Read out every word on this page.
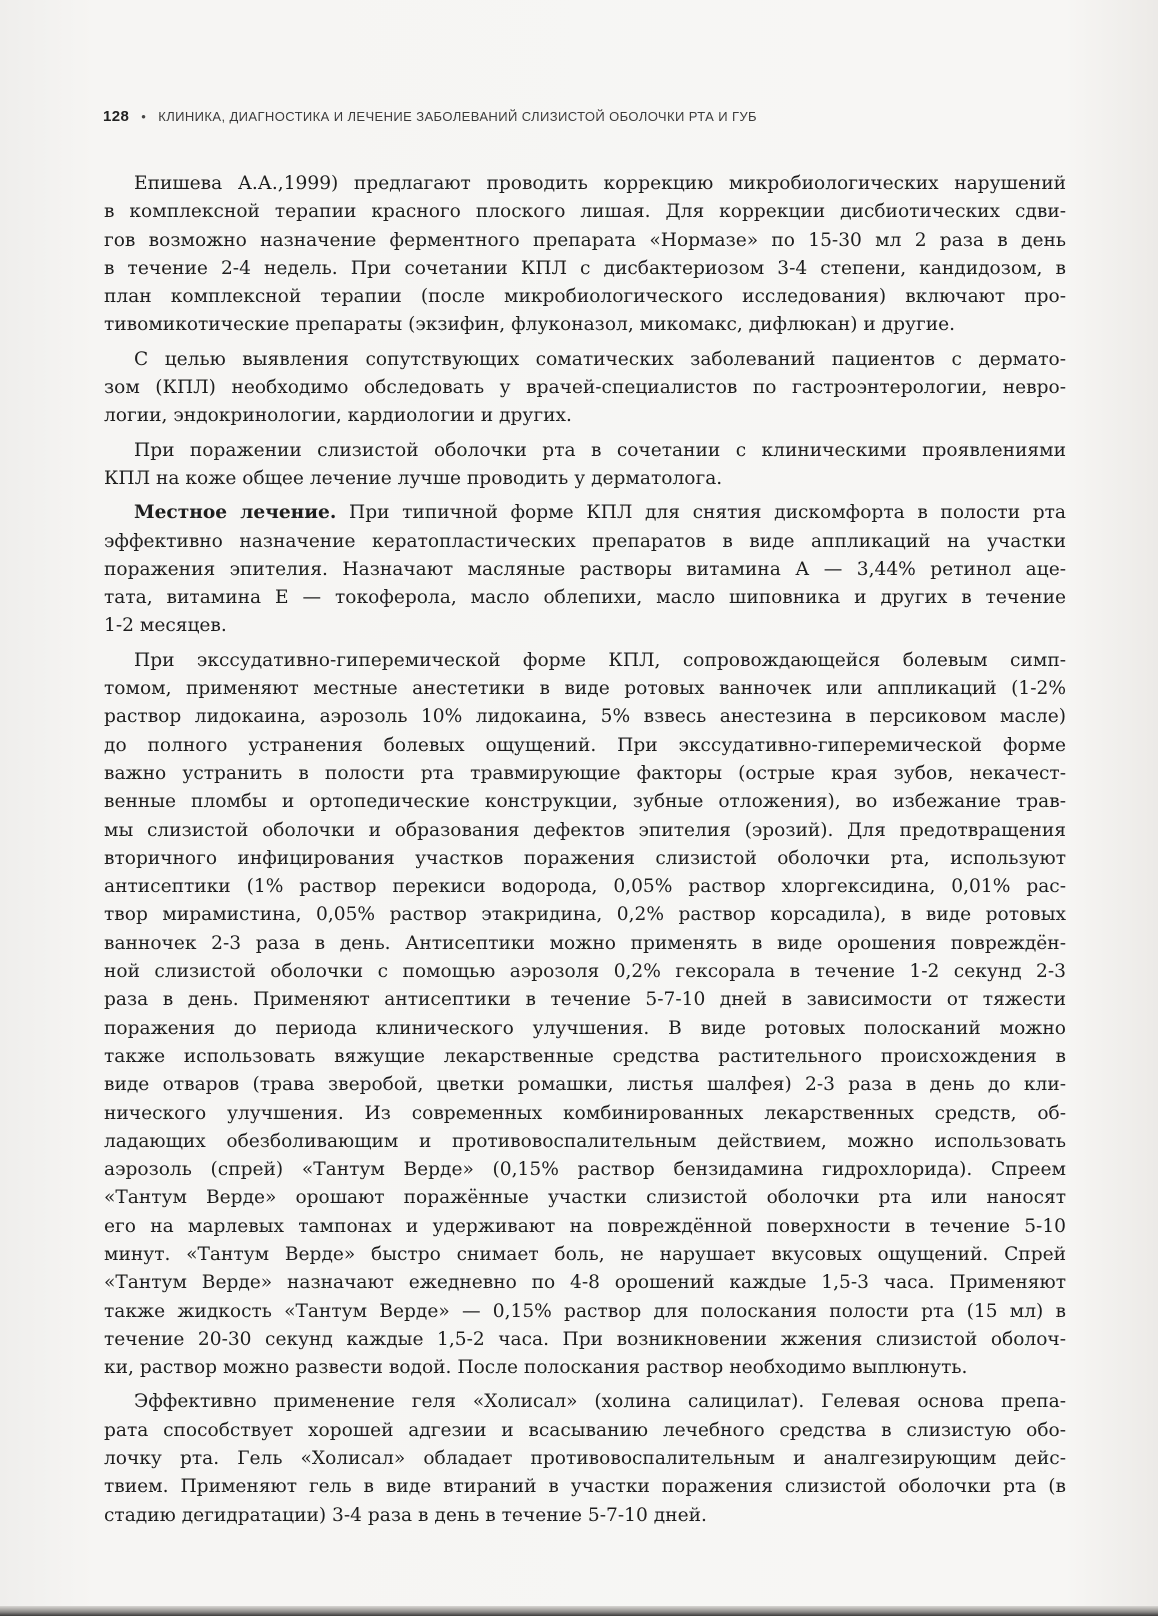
128 • КЛИНИКА, ДИАГНОСТИКА И ЛЕЧЕНИЕ ЗАБОЛЕВАНИЙ СЛИЗИСТОЙ ОБОЛОЧКИ РТА И ГУБ
Епишева А.А.,1999) предлагают проводить коррекцию микробиологических нарушений
в комплексной терапии красного плоского лишая. Для коррекции дисбиотических сдви-
гов возможно назначение ферментного препарата «Нормазе» по 15-30 мл 2 раза в день
в течение 2-4 недель. При сочетании КПЛ с дисбактериозом 3-4 степени, кандидозом, в
план комплексной терапии (после микробиологического исследования) включают про-
тивомикотические препараты (экзифин, флуконазол, микомакс, дифлюкан) и другие.
С целью выявления сопутствующих соматических заболеваний пациентов с дермато-
зом (КПЛ) необходимо обследовать у врачей-специалистов по гастроэнтерологии, невро-
логии, эндокринологии, кардиологии и других.
При поражении слизистой оболочки рта в сочетании с клиническими проявлениями
КПЛ на коже общее лечение лучше проводить у дерматолога.
Местное лечение. При типичной форме КПЛ для снятия дискомфорта в полости рта
эффективно назначение кератопластических препаратов в виде аппликаций на участки
поражения эпителия. Назначают масляные растворы витамина А — 3,44% ретинол аце-
тата, витамина Е — токоферола, масло облепихи, масло шиповника и других в течение
1-2 месяцев.
При экссудативно-гиперемической форме КПЛ, сопровождающейся болевым симп-
томом, применяют местные анестетики в виде ротовых ванночек или аппликаций (1-2%
раствор лидокаина, аэрозоль 10% лидокаина, 5% взвесь анестезина в персиковом масле)
до полного устранения болевых ощущений. При экссудативно-гиперемической форме
важно устранить в полости рта травмирующие факторы (острые края зубов, некачест-
венные пломбы и ортопедические конструкции, зубные отложения), во избежание трав-
мы слизистой оболочки и образования дефектов эпителия (эрозий). Для предотвращения
вторичного инфицирования участков поражения слизистой оболочки рта, используют
антисептики (1% раствор перекиси водорода, 0,05% раствор хлоргексидина, 0,01% рас-
твор мирамистина, 0,05% раствор этакридина, 0,2% раствор корсадила), в виде ротовых
ванночек 2-3 раза в день. Антисептики можно применять в виде орошения повреждён-
ной слизистой оболочки с помощью аэрозоля 0,2% гексорала в течение 1-2 секунд 2-3
раза в день. Применяют антисептики в течение 5-7-10 дней в зависимости от тяжести
поражения до периода клинического улучшения. В виде ротовых полосканий можно
также использовать вяжущие лекарственные средства растительного происхождения в
виде отваров (трава зверобой, цветки ромашки, листья шалфея) 2-3 раза в день до кли-
нического улучшения. Из современных комбинированных лекарственных средств, об-
ладающих обезболивающим и противовоспалительным действием, можно использовать
аэрозоль (спрей) «Тантум Верде» (0,15% раствор бензидамина гидрохлорида). Спреем
«Тантум Верде» орошают поражённые участки слизистой оболочки рта или наносят
его на марлевых тампонах и удерживают на повреждённой поверхности в течение 5-10
минут. «Тантум Верде» быстро снимает боль, не нарушает вкусовых ощущений. Спрей
«Тантум Верде» назначают ежедневно по 4-8 орошений каждые 1,5-3 часа. Применяют
также жидкость «Тантум Верде» — 0,15% раствор для полоскания полости рта (15 мл) в
течение 20-30 секунд каждые 1,5-2 часа. При возникновении жжения слизистой оболоч-
ки, раствор можно развести водой. После полоскания раствор необходимо выплюнуть.
Эффективно применение геля «Холисал» (холина салицилат). Гелевая основа препа-
рата способствует хорошей адгезии и всасыванию лечебного средства в слизистую обо-
лочку рта. Гель «Холисал» обладает противовоспалительным и аналгезирующим дейс-
твием. Применяют гель в виде втираний в участки поражения слизистой оболочки рта (в
стадию дегидратации) 3-4 раза в день в течение 5-7-10 дней.
